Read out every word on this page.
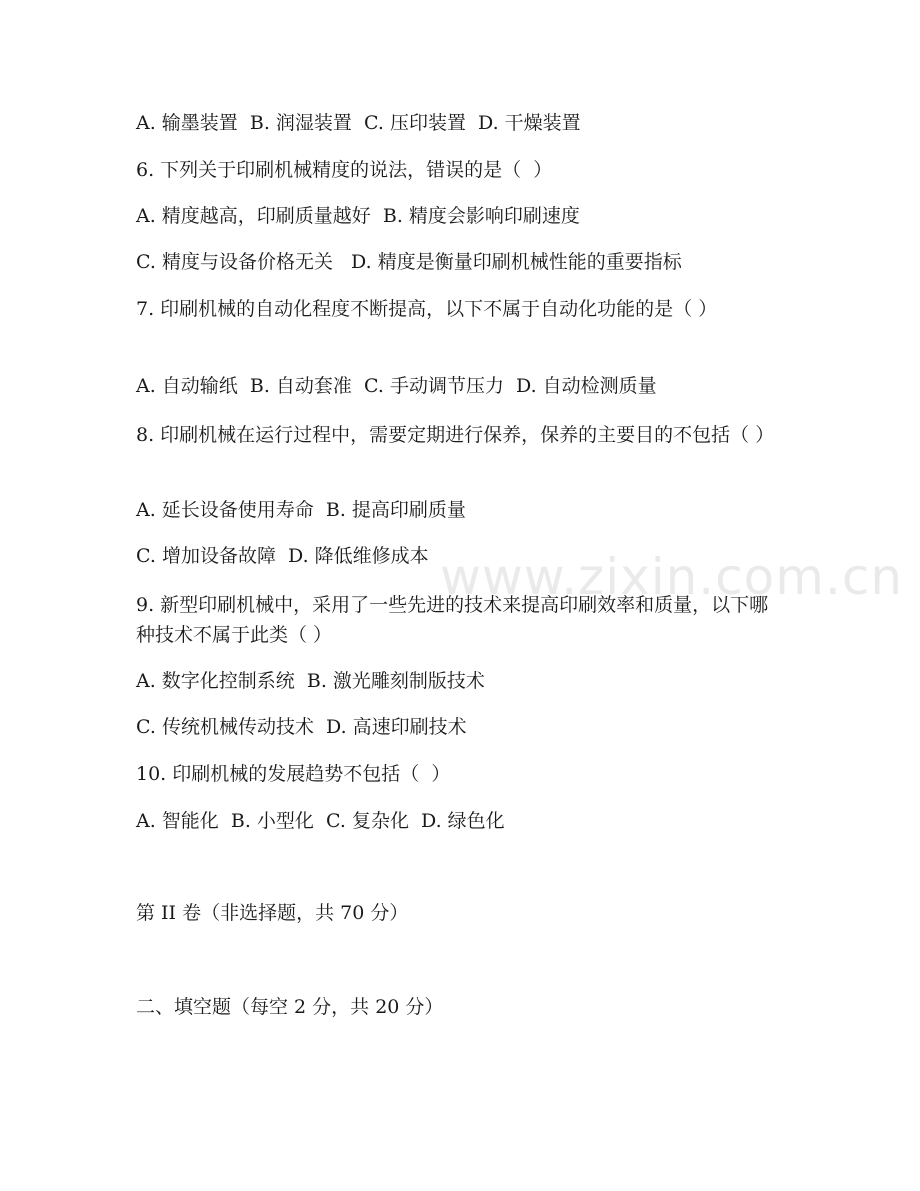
www.zixin.com.cn
A. 输墨装置  B. 润湿装置  C. 压印装置  D. 干燥装置
6. 下列关于印刷机械精度的说法，错误的是（  ）
A. 精度越高，印刷质量越好  B. 精度会影响印刷速度
C. 精度与设备价格无关   D. 精度是衡量印刷机械性能的重要指标
7. 印刷机械的自动化程度不断提高，以下不属于自动化功能的是（ ）
A. 自动输纸  B. 自动套准  C. 手动调节压力  D. 自动检测质量
8. 印刷机械在运行过程中，需要定期进行保养，保养的主要目的不包括（ ）
A. 延长设备使用寿命  B. 提高印刷质量
C. 增加设备故障  D. 降低维修成本
9. 新型印刷机械中，采用了一些先进的技术来提高印刷效率和质量，以下哪种技术不属于此类（ ）
A. 数字化控制系统  B. 激光雕刻制版技术
C. 传统机械传动技术  D. 高速印刷技术
10. 印刷机械的发展趋势不包括（  ）
A. 智能化  B. 小型化  C. 复杂化  D. 绿色化
第 II 卷（非选择题，共 70 分）
二、填空题（每空 2 分，共 20 分）
